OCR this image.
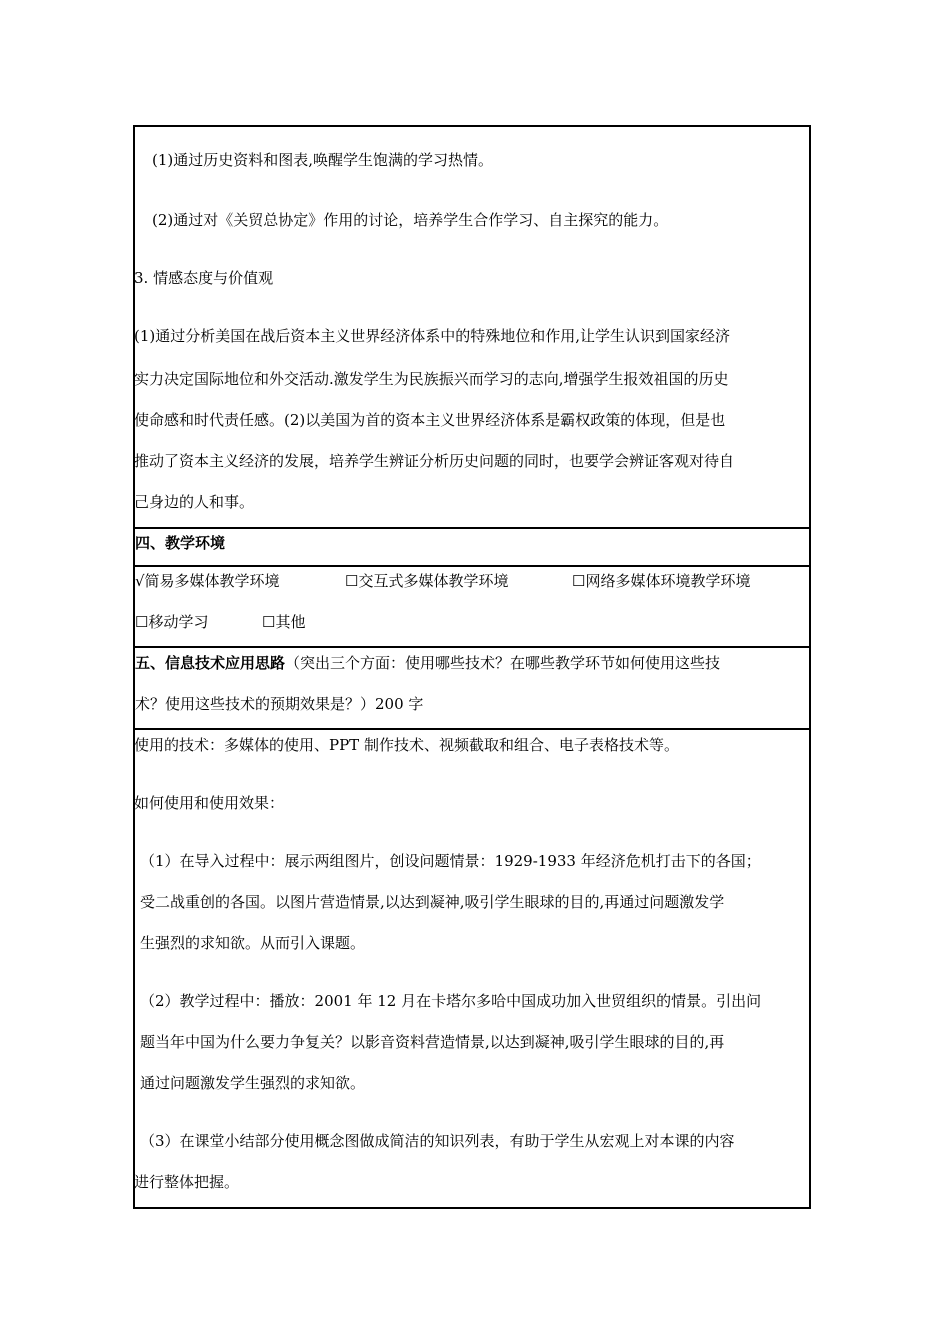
(1)通过历史资料和图表,唤醒学生饱满的学习热情。
(2)通过对《关贸总协定》作用的讨论，培养学生合作学习、自主探究的能力。
3. 情感态度与价值观
(1)通过分析美国在战后资本主义世界经济体系中的特殊地位和作用,让学生认识到国家经济
实力决定国际地位和外交活动.激发学生为民族振兴而学习的志向,增强学生报效祖国的历史
使命感和时代责任感。(2)以美国为首的资本主义世界经济体系是霸权政策的体现，但是也
推动了资本主义经济的发展，培养学生辨证分析历史问题的同时，也要学会辨证客观对待自
己身边的人和事。
四、教学环境
√简易多媒体教学环境	☐交互式多媒体教学环境	☐网络多媒体环境教学环境
☐移动学习	☐其他
五、信息技术应用思路（突出三个方面：使用哪些技术？在哪些教学环节如何使用这些技
术？使用这些技术的预期效果是？）200 字
使用的技术：多媒体的使用、PPT 制作技术、视频截取和组合、电子表格技术等。
如何使用和使用效果：
（1）在导入过程中：展示两组图片，创设问题情景：1929-1933 年经济危机打击下的各国；
受二战重创的各国。以图片营造情景,以达到凝神,吸引学生眼球的目的,再通过问题激发学
生强烈的求知欲。从而引入课题。
（2）教学过程中：播放：2001 年 12 月在卡塔尔多哈中国成功加入世贸组织的情景。引出问
题当年中国为什么要力争复关？以影音资料营造情景,以达到凝神,吸引学生眼球的目的,再
通过问题激发学生强烈的求知欲。
（3）在课堂小结部分使用概念图做成简洁的知识列表，有助于学生从宏观上对本课的内容
进行整体把握。
